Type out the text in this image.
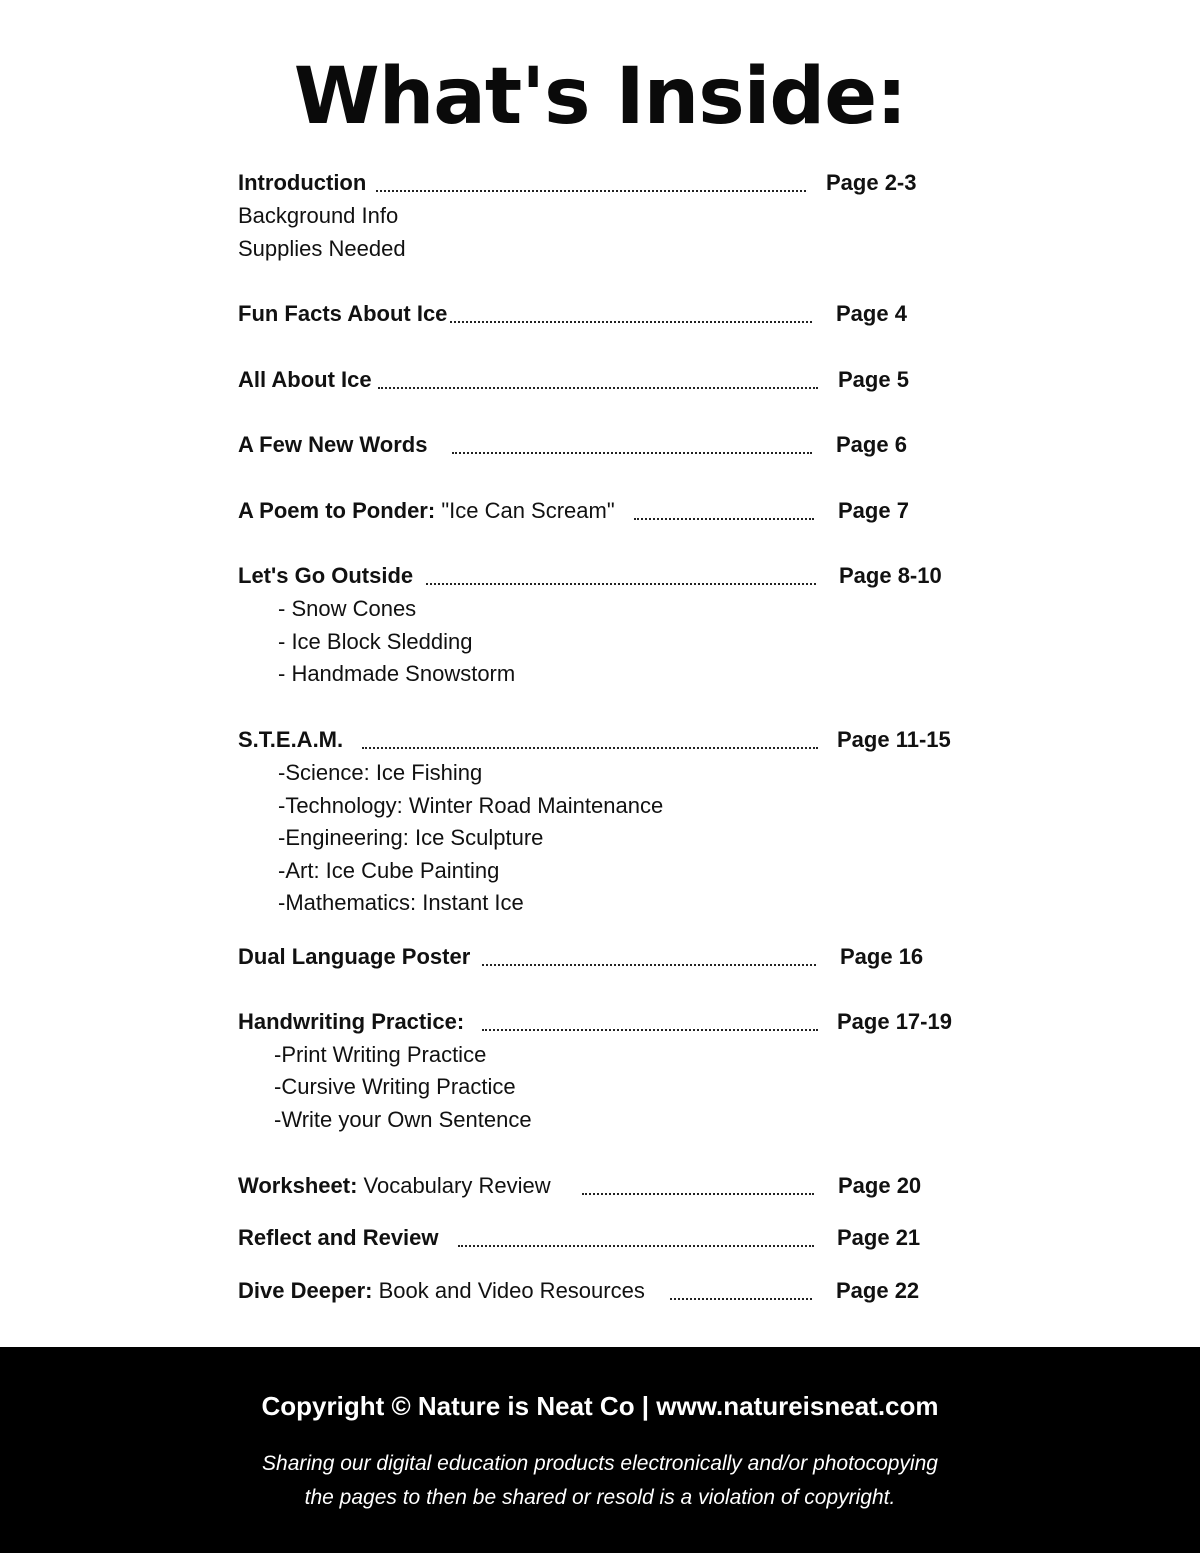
What's Inside:
Introduction	Page 2-3
Background Info
Supplies Needed
Fun Facts About Ice	Page 4
All About Ice	Page 5
A Few New Words	Page 6
A Poem to Ponder: "Ice Can Scream"	Page 7
Let's Go Outside	Page 8-10
- Snow Cones
- Ice Block Sledding
- Handmade Snowstorm
S.T.E.A.M.	Page 11-15
-Science: Ice Fishing
-Technology: Winter Road Maintenance
-Engineering: Ice Sculpture
-Art: Ice Cube Painting
-Mathematics: Instant Ice
Dual Language Poster	Page 16
Handwriting Practice:	Page 17-19
-Print Writing Practice
-Cursive Writing Practice
-Write your Own Sentence
Worksheet: Vocabulary Review	Page 20
Reflect and Review	Page 21
Dive Deeper: Book and Video Resources	Page 22
Copyright © Nature is Neat Co | www.natureisneat.com
Sharing our digital education products electronically and/or photocopying
the pages to then be shared or resold is a violation of copyright.
